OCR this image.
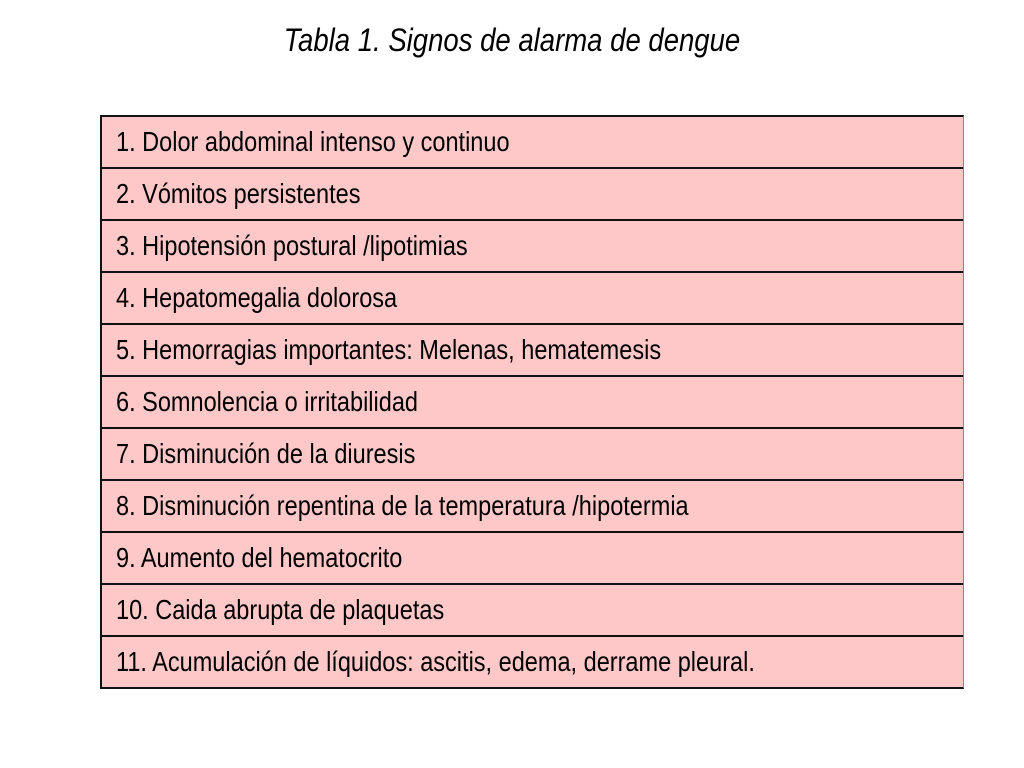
Tabla 1. Signos de alarma de dengue
1. Dolor abdominal intenso y continuo
2. Vómitos persistentes
3. Hipotensión postural /lipotimias
4. Hepatomegalia dolorosa
5. Hemorragias importantes: Melenas, hematemesis
6. Somnolencia o irritabilidad
7. Disminución de la diuresis
8. Disminución repentina de la temperatura /hipotermia
9. Aumento del hematocrito
10. Caida abrupta de plaquetas
11. Acumulación de líquidos: ascitis, edema, derrame pleural.
